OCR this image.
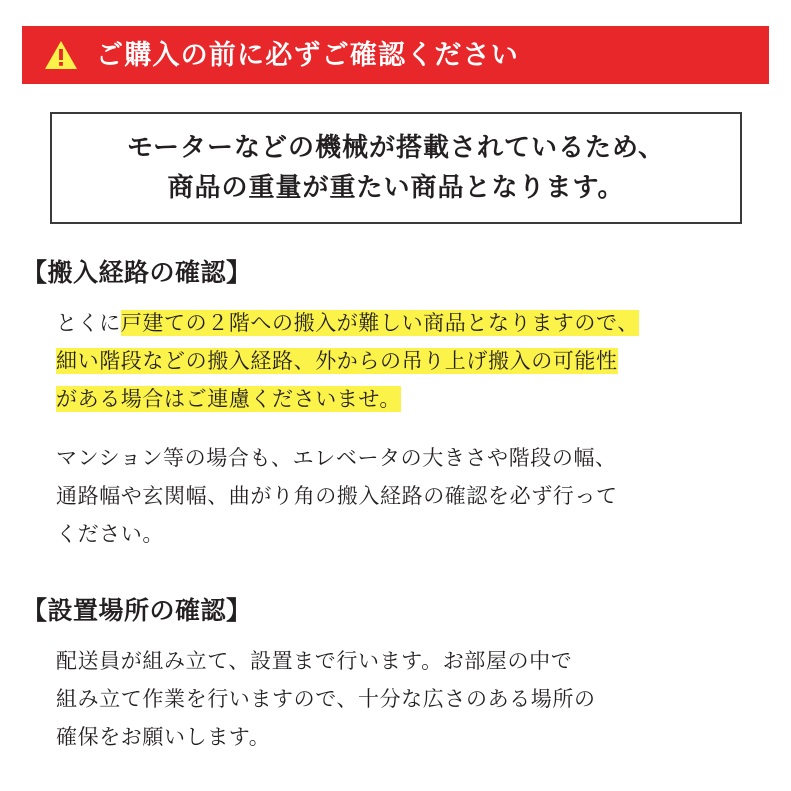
ご購入の前に必ずご確認ください
モーターなどの機械が搭載されているため、
商品の重量が重たい商品となります。
【搬入経路の確認】

とくに戸建ての２階への搬入が難しい商品となりますので、
細い階段などの搬入経路、外からの吊り上げ搬入の可能性
がある場合はご連慮くださいませ。

マンション等の場合も、エレベータの大きさや階段の幅、
通路幅や玄関幅、曲がり角の搬入経路の確認を必ず行って
ください。

【設置場所の確認】

配送員が組み立て、設置まで行います。お部屋の中で
組み立て作業を行いますので、十分な広さのある場所の
確保をお願いします。
